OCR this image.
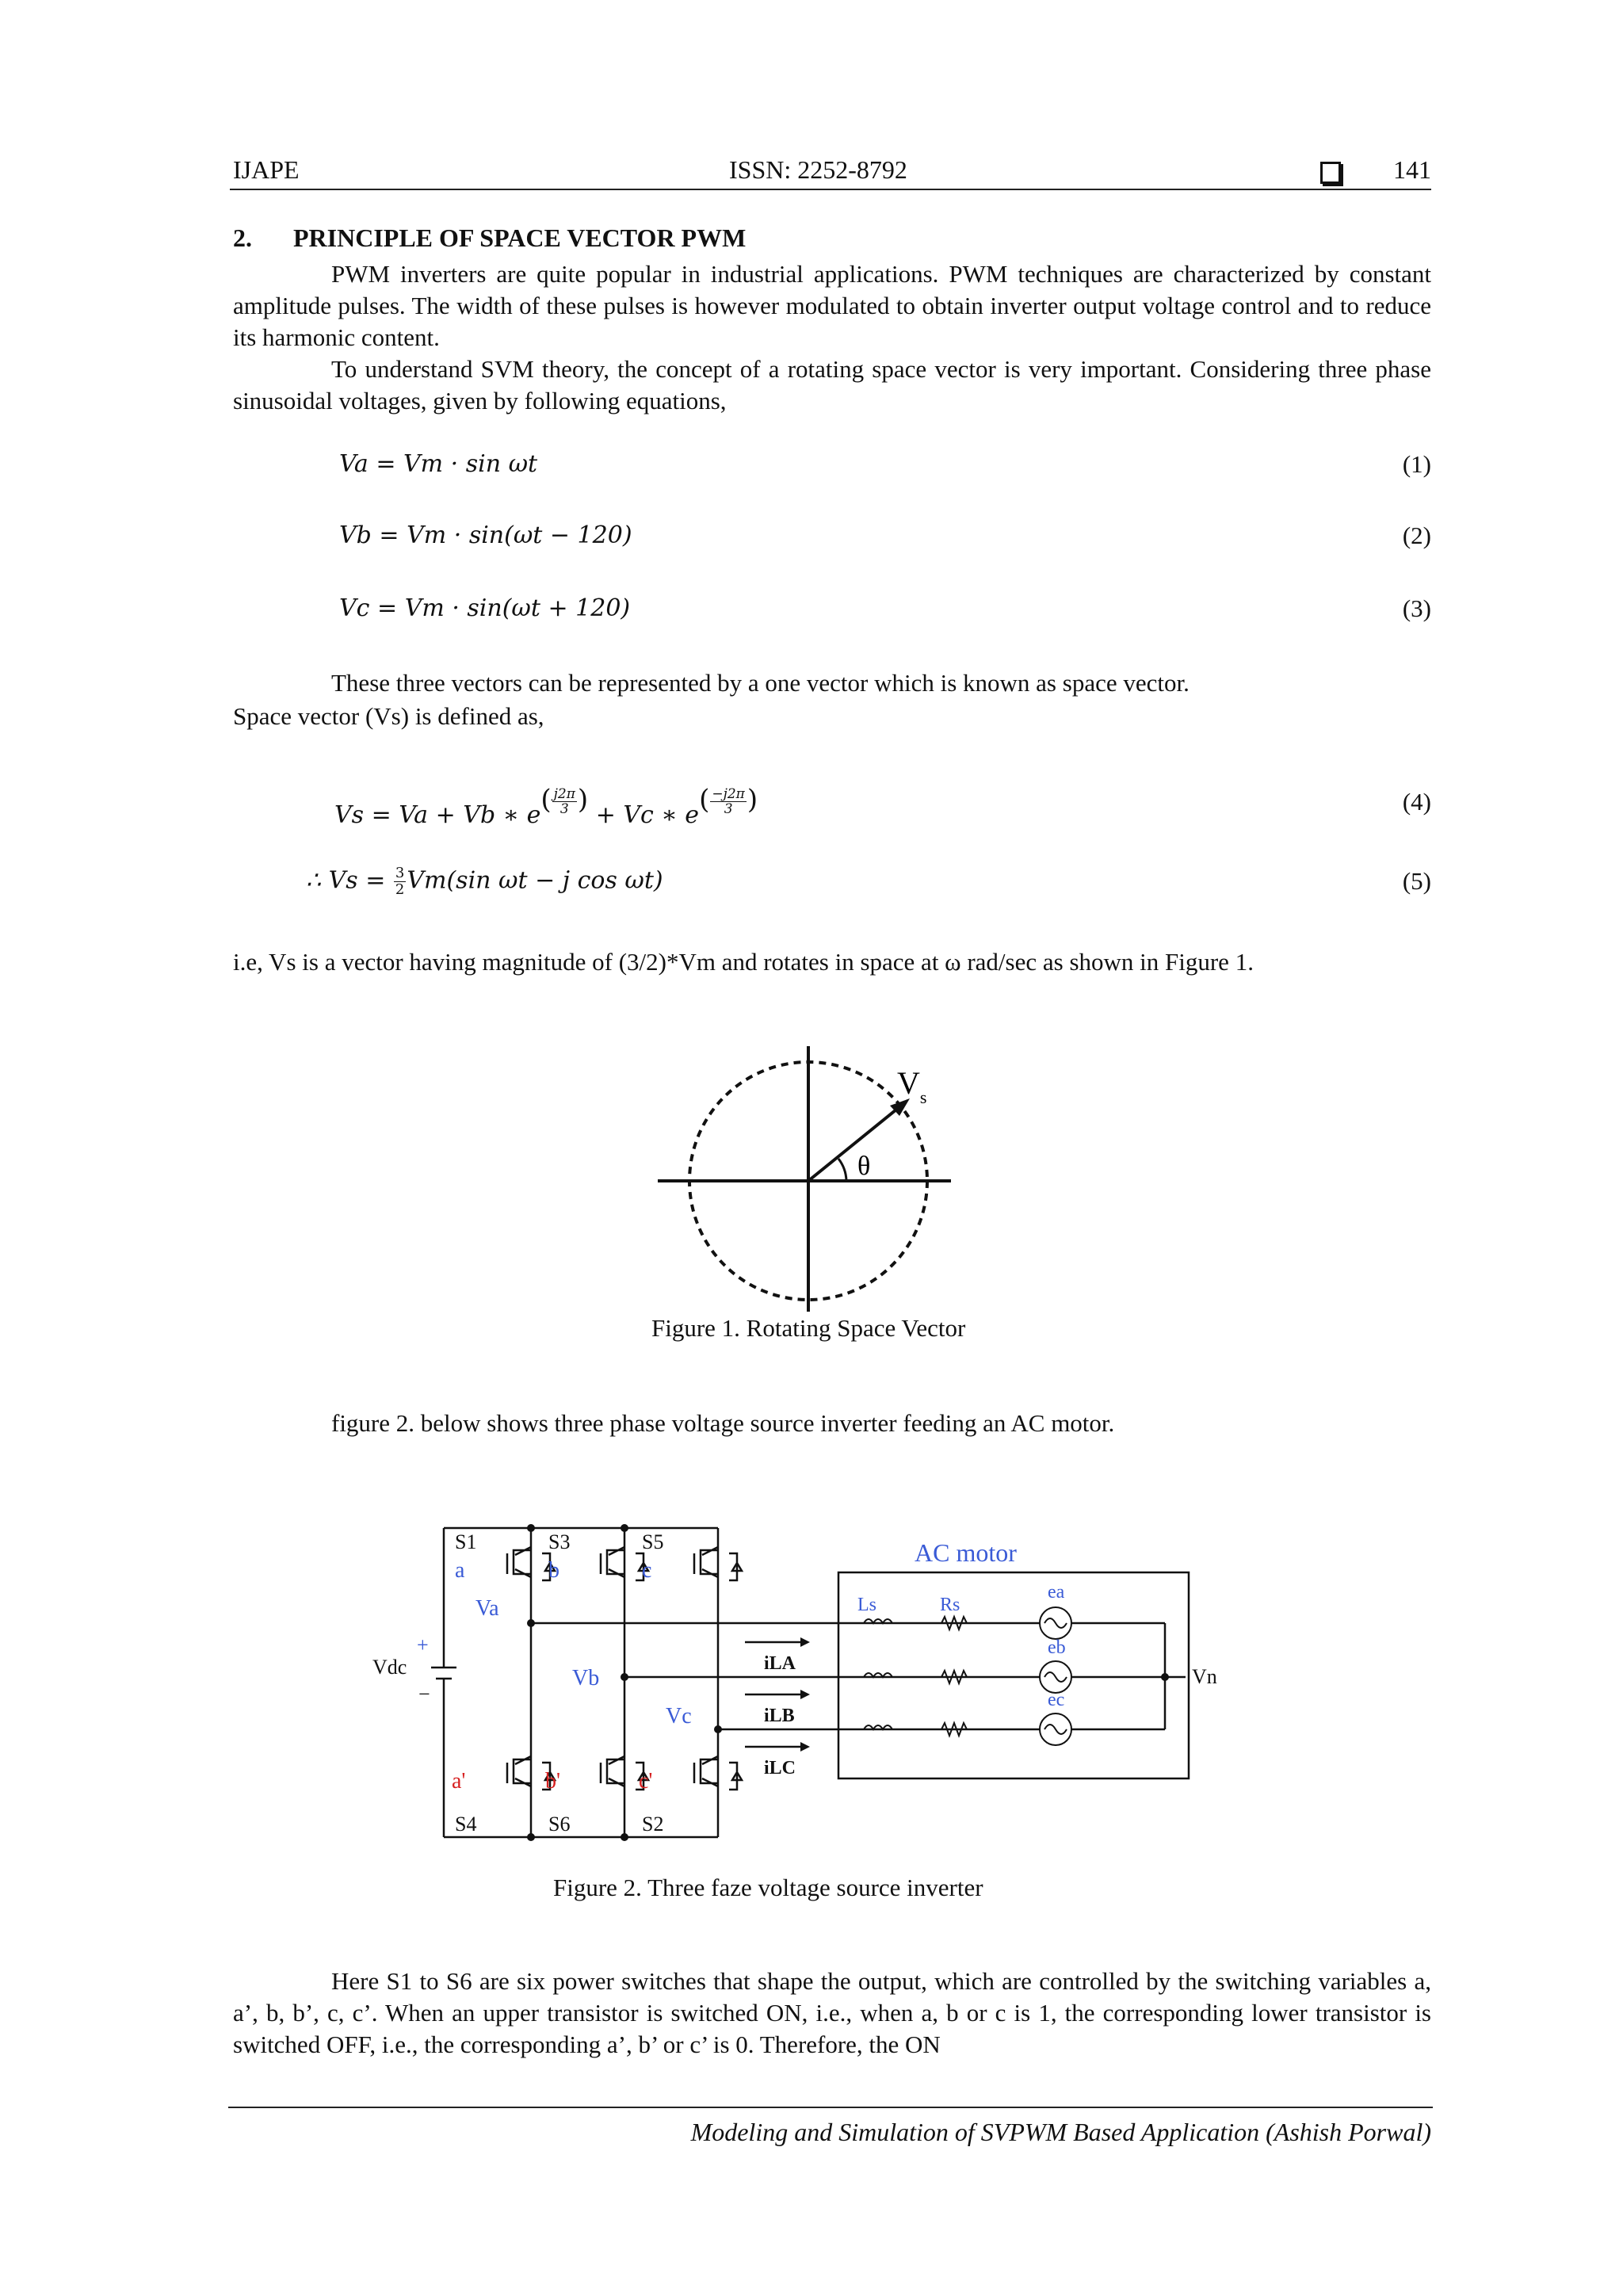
IJAPE	ISSN: 2252-8792	141
2. PRINCIPLE OF SPACE VECTOR PWM
PWM inverters are quite popular in industrial applications. PWM techniques are characterized by constant amplitude pulses. The width of these pulses is however modulated to obtain inverter output voltage control and to reduce its harmonic content.
To understand SVM theory, the concept of a rotating space vector is very important. Considering three phase sinusoidal voltages, given by following equations,
Va = Vm · sin ωt	(1)
Vb = Vm · sin(ωt − 120)	(2)
Vc = Vm · sin(ωt + 120)	(3)
These three vectors can be represented by a one vector which is known as space vector.
Space vector (Vs) is defined as,
Vs = Va + Vb ∗ $e( \frac{j2\pi}{3}$ ) + Vc ∗ $e( \frac{-j2\pi}{3}$ )	(4)
∴ $Vs = \frac{3}{2} Vm(\sin$ ωt − j cos ωt)	(5)
i.e, Vs is a vector having magnitude of (3/2)*Vm and rotates in space at ω rad/sec as shown in Figure 1.
θ
$V_s$
Figure 1. Rotating Space Vector
figure 2. below shows three phase voltage source inverter feeding an AC motor.
S1	S3	S5
S4	S6	S2
Vdc	Vn
a	b	c
Va
Vb
Vc
Ls	Rs
ea
eb
ec
AC motor
a'	b'	c'
+
−
iLA
iLB
iLC
Figure 2. Three faze voltage source inverter
Here S1 to S6 are six power switches that shape the output, which are controlled by the switching variables a, a’, b, b’, c, c’. When an upper transistor is switched ON, i.e., when a, b or c is 1, the corresponding lower transistor is switched OFF, i.e., the corresponding a’, b’ or c’ is 0. Therefore, the ON
Modeling and Simulation of SVPWM Based Application (Ashish Porwal)
